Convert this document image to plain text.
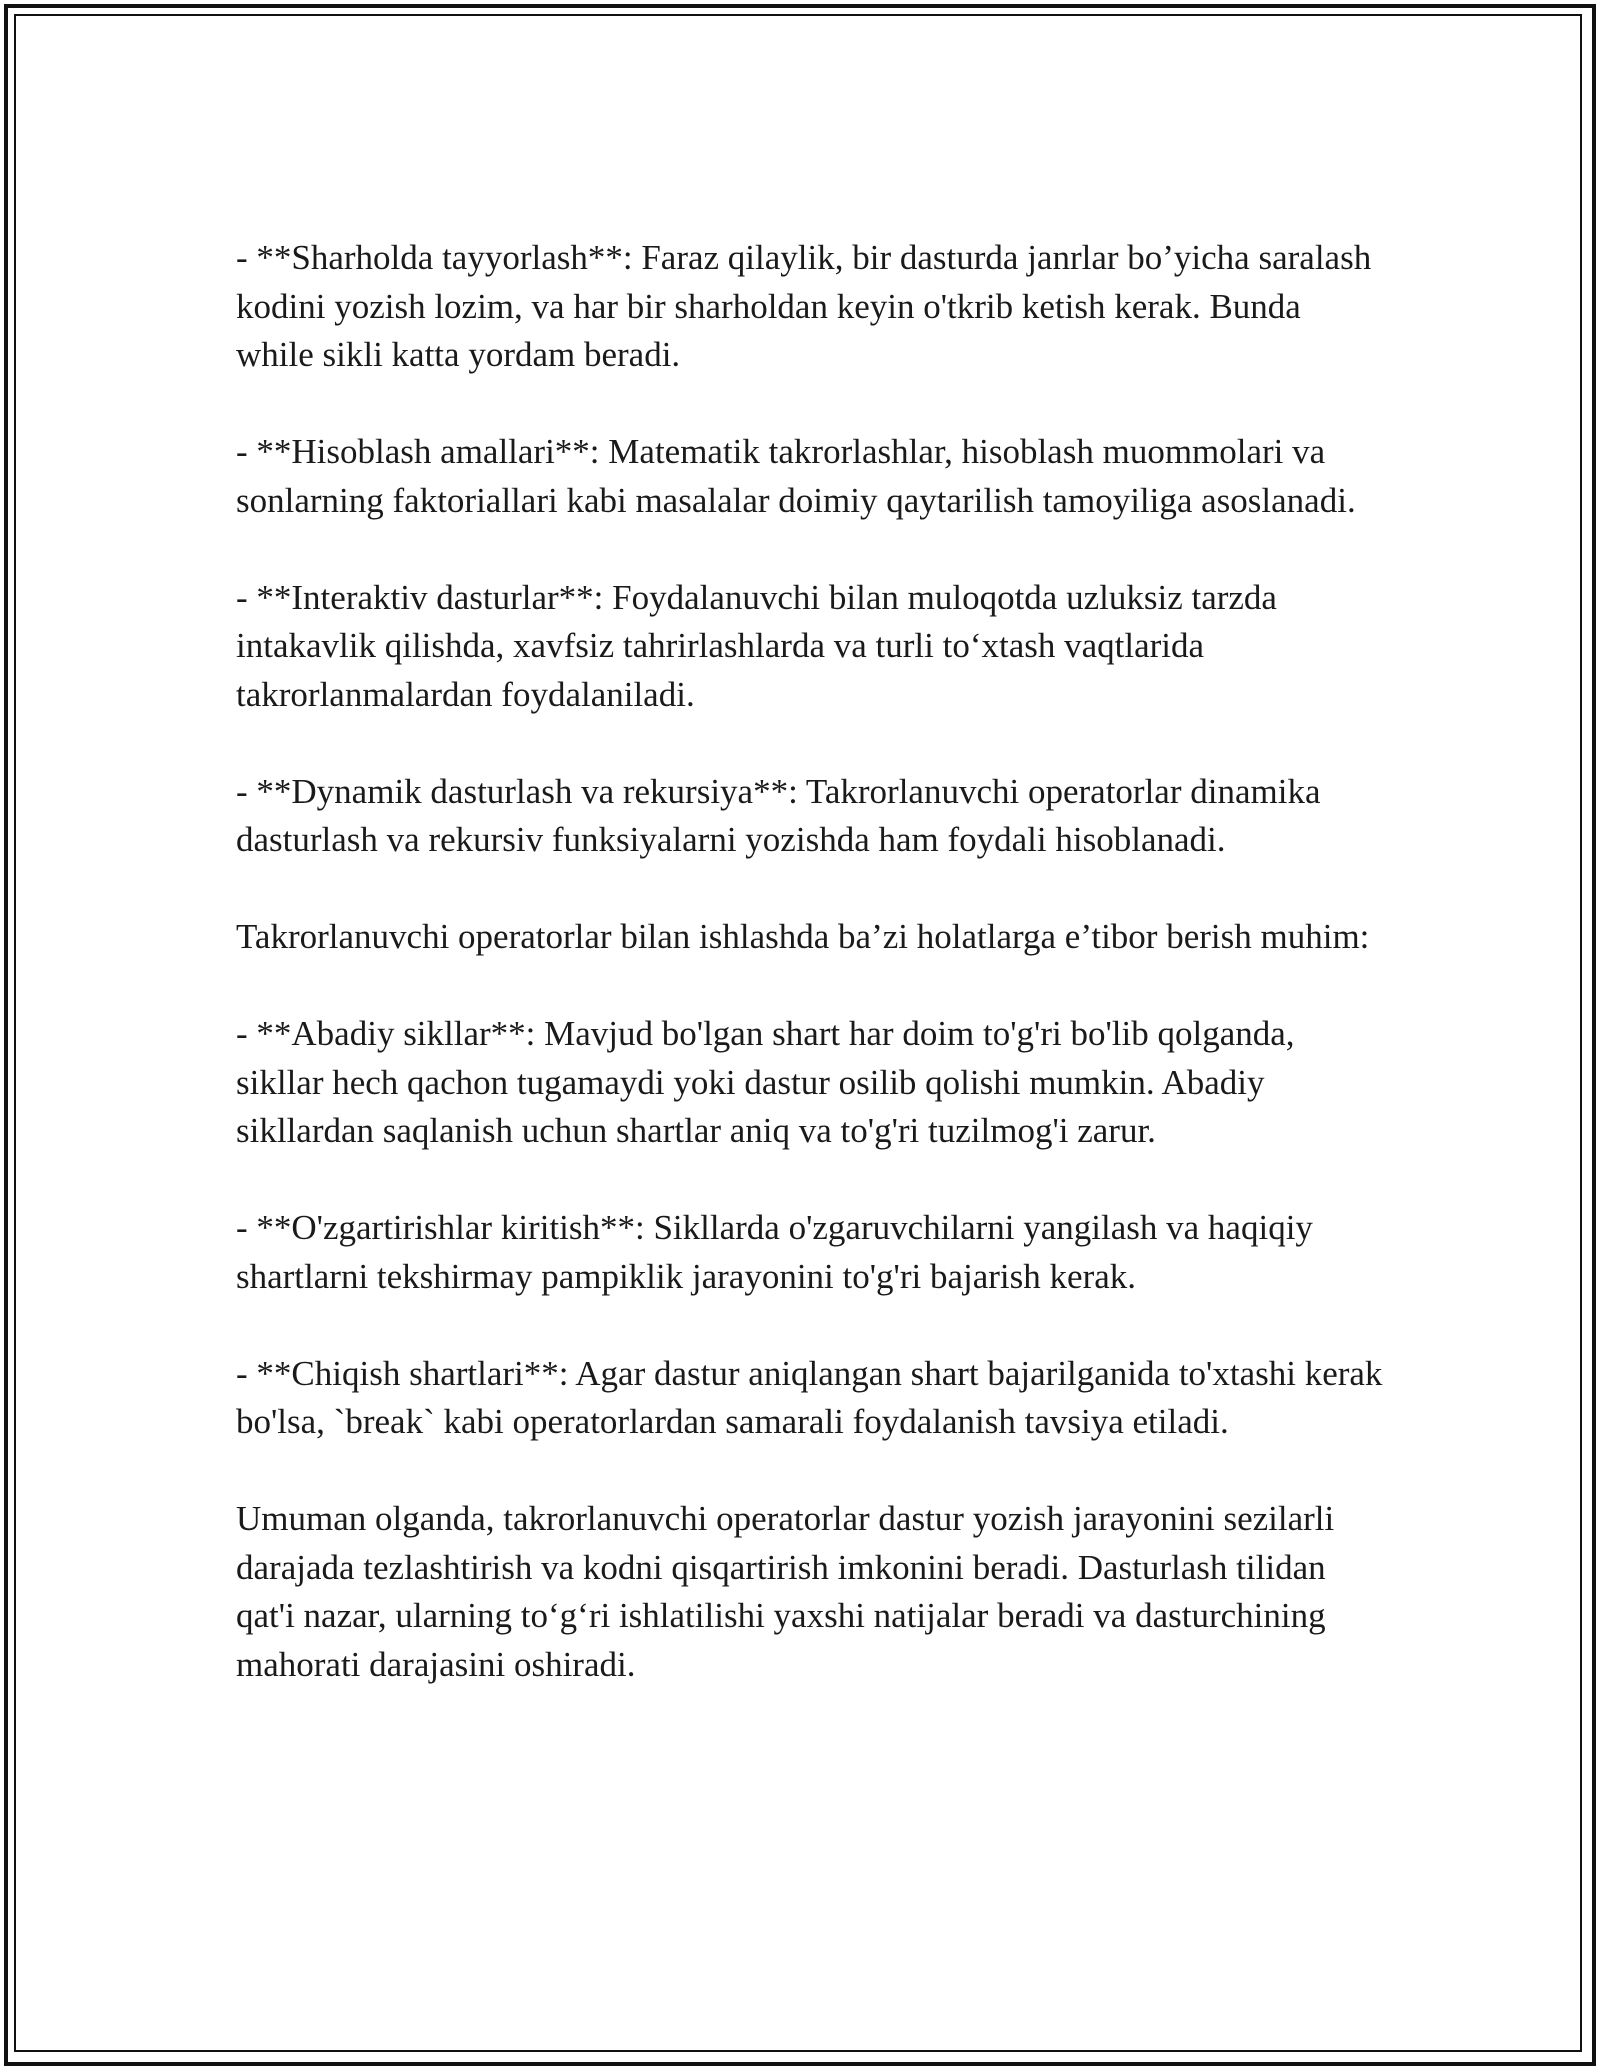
- **Sharholda tayyorlash**: Faraz qilaylik, bir dasturda janrlar bo’yicha saralash kodini yozish lozim, va har bir sharholdan keyin o'tkrib ketish kerak. Bunda while sikli katta yordam beradi.

- **Hisoblash amallari**: Matematik takrorlashlar, hisoblash muommolari va sonlarning faktoriallari kabi masalalar doimiy qaytarilish tamoyiliga asoslanadi.

- **Interaktiv dasturlar**: Foydalanuvchi bilan muloqotda uzluksiz tarzda intakavlik qilishda, xavfsiz tahrirlashlarda va turli to‘xtash vaqtlarida takrorlanmalardan foydalaniladi.

- **Dynamik dasturlash va rekursiya**: Takrorlanuvchi operatorlar dinamika dasturlash va rekursiv funksiyalarni yozishda ham foydali hisoblanadi.

Takrorlanuvchi operatorlar bilan ishlashda ba’zi holatlarga e’tibor berish muhim:

- **Abadiy sikllar**: Mavjud bo'lgan shart har doim to'g'ri bo'lib qolganda, sikllar hech qachon tugamaydi yoki dastur osilib qolishi mumkin. Abadiy sikllardan saqlanish uchun shartlar aniq va to'g'ri tuzilmog'i zarur.

- **O'zgartirishlar kiritish**: Sikllarda o'zgaruvchilarni yangilash va haqiqiy shartlarni tekshirmay pampiklik jarayonini to'g'ri bajarish kerak.

- **Chiqish shartlari**: Agar dastur aniqlangan shart bajarilganida to'xtashi kerak bo'lsa, `break` kabi operatorlardan samarali foydalanish tavsiya etiladi.

Umuman olganda, takrorlanuvchi operatorlar dastur yozish jarayonini sezilarli darajada tezlashtirish va kodni qisqartirish imkonini beradi. Dasturlash tilidan qat'i nazar, ularning to‘g‘ri ishlatilishi yaxshi natijalar beradi va dasturchining mahorati darajasini oshiradi.
